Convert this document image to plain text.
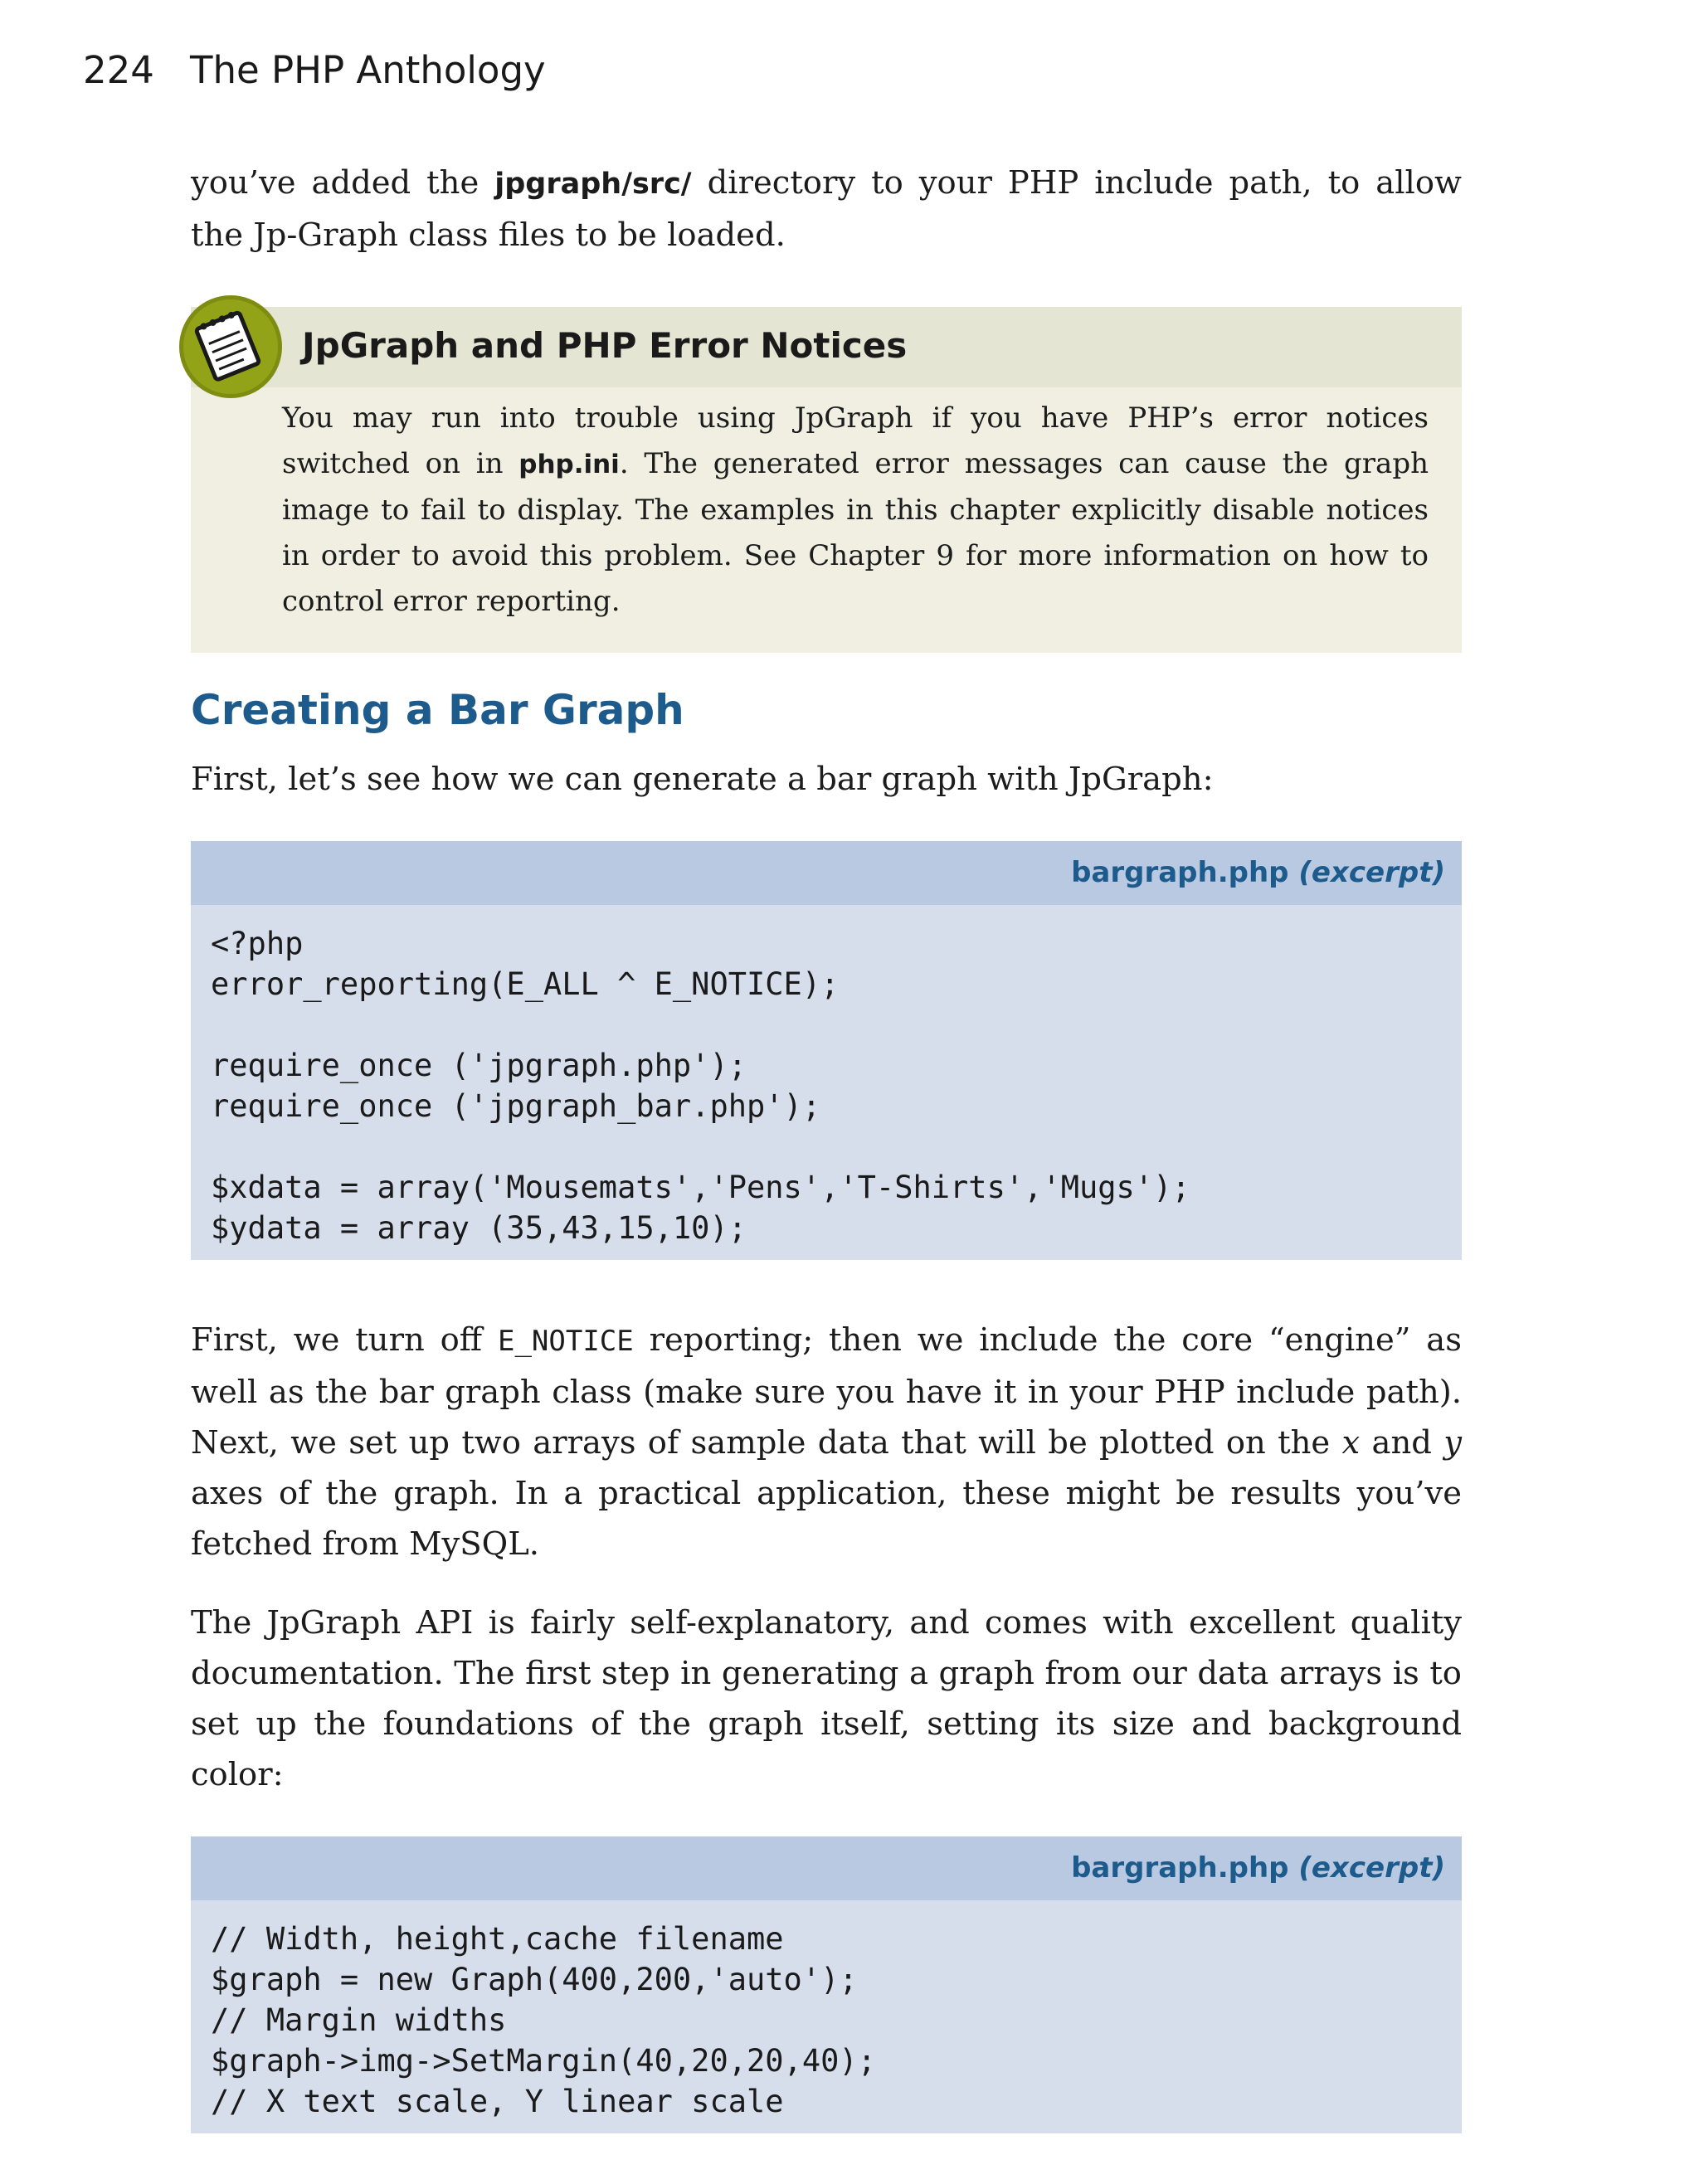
224 The PHP Anthology

you’ve added the jpgraph/src/ directory to your PHP include path, to allow the Jp-Graph class files to be loaded.

JpGraph and PHP Error Notices
You may run into trouble using JpGraph if you have PHP’s error notices switched on in php.ini. The generated error messages can cause the graph image to fail to display. The examples in this chapter explicitly disable notices in order to avoid this problem. See Chapter 9 for more information on how to control error reporting.
Creating a Bar Graph

First, let’s see how we can generate a bar graph with JpGraph:

bargraph.php (excerpt)
<?php
error_reporting(E_ALL ^ E_NOTICE);

require_once ('jpgraph.php');
require_once ('jpgraph_bar.php');

$xdata = array('Mousemats','Pens','T-Shirts','Mugs');
$ydata = array (35,43,15,10);

First, we turn off E_NOTICE reporting; then we include the core “engine” as well as the bar graph class (make sure you have it in your PHP include path). Next, we set up two arrays of sample data that will be plotted on the x and y axes of the graph. In a practical application, these might be results you’ve fetched from MySQL.

The JpGraph API is fairly self-explanatory, and comes with excellent quality documentation. The first step in generating a graph from our data arrays is to set up the foundations of the graph itself, setting its size and background color:

bargraph.php (excerpt)
// Width, height,cache filename
$graph = new Graph(400,200,'auto');
// Margin widths
$graph->img->SetMargin(40,20,20,40);
// X text scale, Y linear scale
